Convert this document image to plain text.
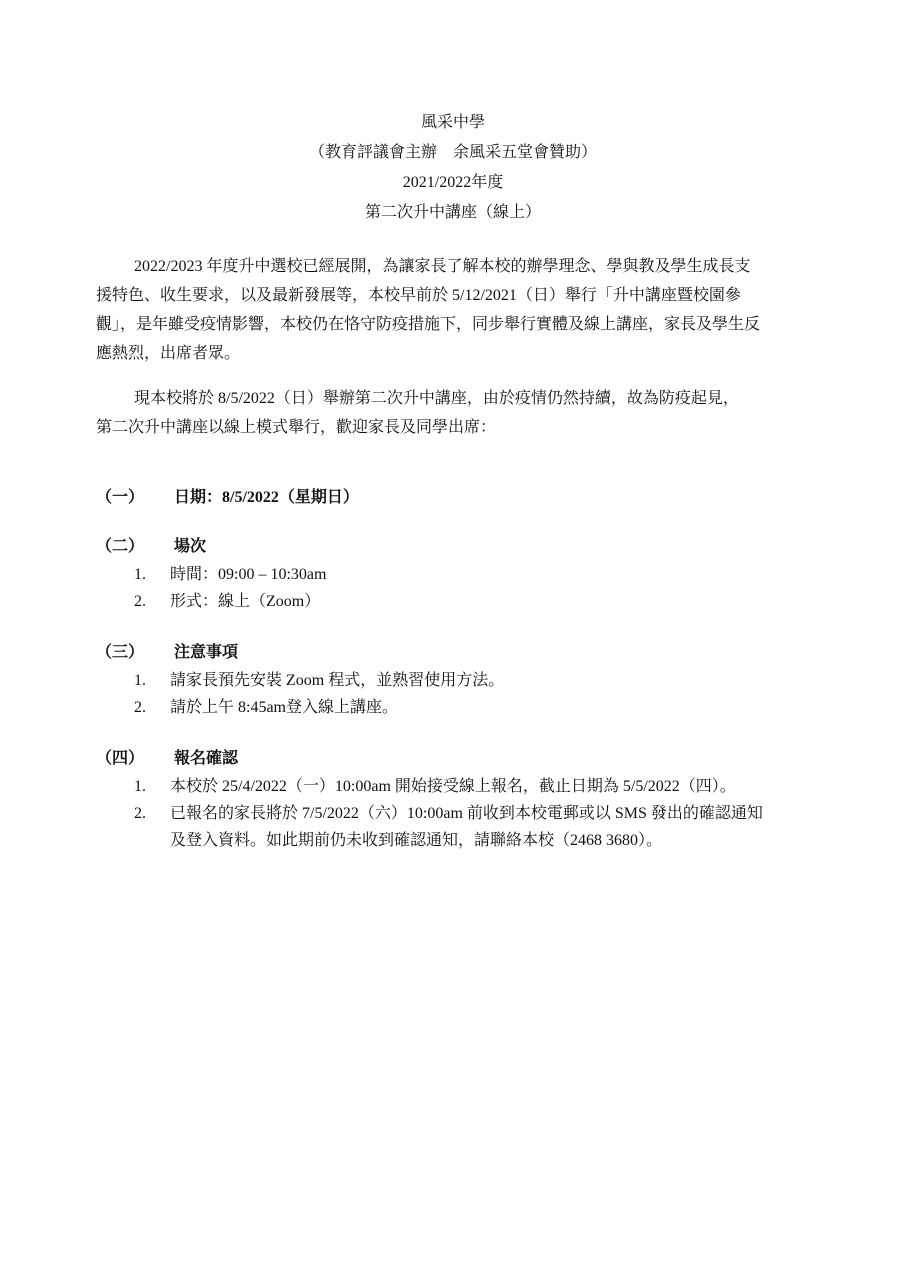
風采中學
（教育評議會主辦　余風采五堂會贊助）
2021/2022年度
第二次升中講座（線上）

2022/2023 年度升中選校已經展開，為讓家長了解本校的辦學理念、學與教及學生成長支
援特色、收生要求，以及最新發展等，本校早前於 5/12/2021（日）舉行「升中講座暨校園參
觀」，是年雖受疫情影響，本校仍在恪守防疫措施下，同步舉行實體及線上講座，家長及學生反
應熱烈，出席者眾。

現本校將於 8/5/2022（日）舉辦第二次升中講座，由於疫情仍然持續，故為防疫起見，
第二次升中講座以線上模式舉行，歡迎家長及同學出席：

（一） 日期：8/5/2022（星期日）
（二） 場次
1. 時間：09:00 – 10:30am
2. 形式：線上（Zoom）
（三） 注意事項
1. 請家長預先安裝 Zoom 程式，並熟習使用方法。
2. 請於上午 8:45am登入線上講座。
（四） 報名確認
1. 本校於 25/4/2022（一）10:00am 開始接受線上報名，截止日期為 5/5/2022（四）。
2. 已報名的家長將於 7/5/2022（六）10:00am 前收到本校電郵或以 SMS 發出的確認通知
及登入資料。如此期前仍未收到確認通知，請聯絡本校（2468 3680）。
